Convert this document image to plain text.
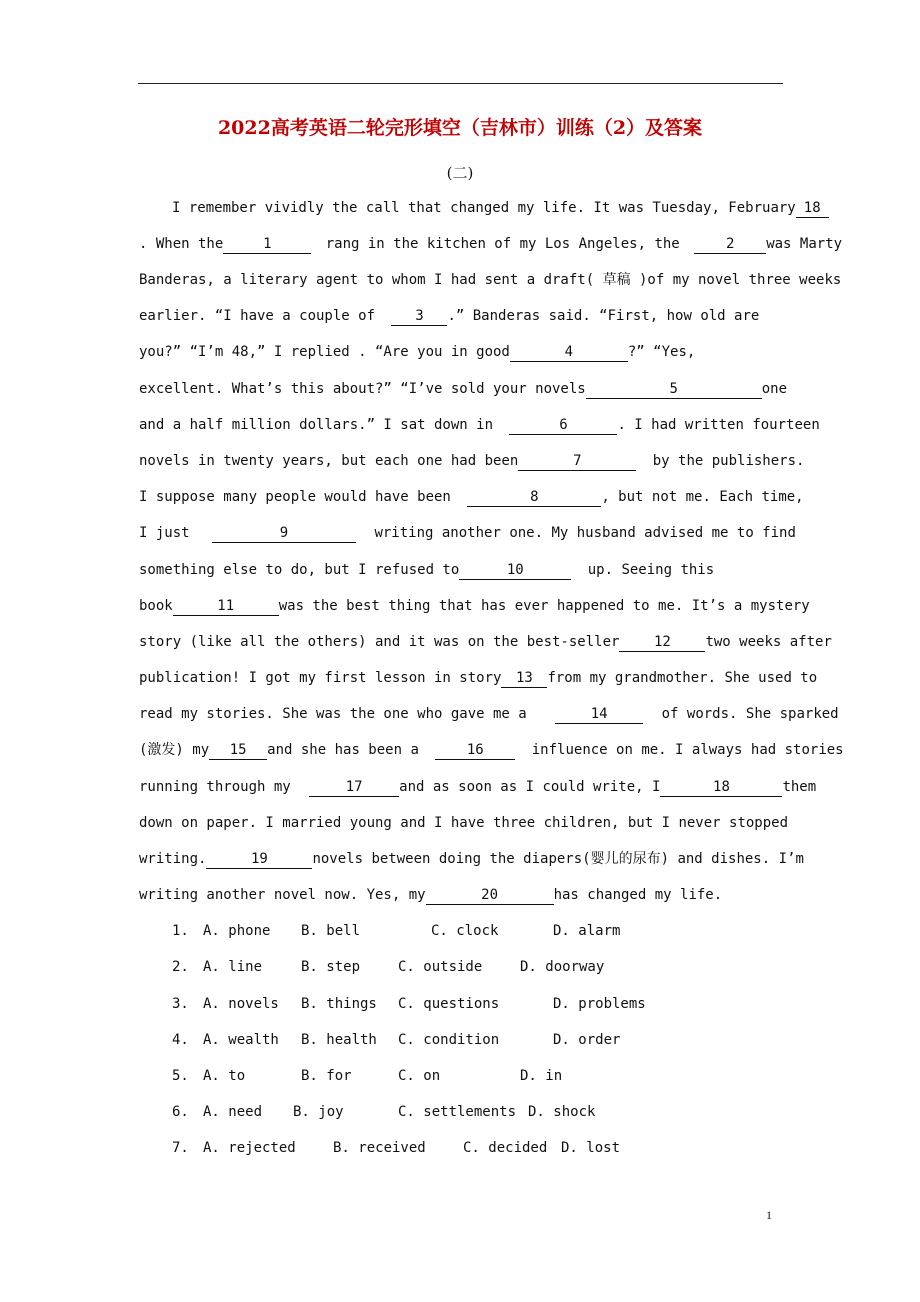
2022高考英语二轮完形填空（吉林市）训练（2）及答案
(二)
I remember vividly the call that changed my life. It was Tuesday, February 18
. When the	1	rang in the kitchen of my Los Angeles, the	2 was Marty
Banderas, a literary agent to whom I had sent a draft( 草稿 )of my novel three weeks
earlier. “I have a couple of	3 .” Banderas said. “First, how old are
you?” “I’m 48,” I replied . “Are you in good	4	?” “Yes,
excellent. What’s this about?” “I’ve sold your novels	5	one
and a half million dollars.” I sat down in	6	. I had written fourteen
novels in twenty years, but each one had been	7	by the publishers.
I suppose many people would have been	8	, but not me. Each time,
I just	9	writing another one. My husband advised me to find
something else to do, but I refused to	10	up. Seeing this
book	11	was the best thing that has ever happened to me. It’s a mystery
story (like all the others) and it was on the best-seller 12 two weeks after
publication! I got my first lesson in story 13 from my grandmother. She used to
read my stories. She was the one who gave me a	14	of words. She sparked
(激发) my 15 and she has been a	16	influence on me. I always had stories
running through my	17	and as soon as I could write, I	18	them
down on paper. I married young and I have three children, but I never stopped
writing.	19	novels between doing the diapers(婴儿的尿布) and dishes. I’m
writing another novel now. Yes, my	20	has changed my life.
1. A. phone B. bell	C. clock	D. alarm
2. A. line	B. step	C. outside	D. doorway
3. A. novels B. things C. questions	D. problems
4. A. wealth B. health C. condition	D. order
5. A. to	B. for	C. on	D. in
6. A. need B. joy	C. settlements D. shock
7. A. rejected	B. received	C. decided D. lost
1
